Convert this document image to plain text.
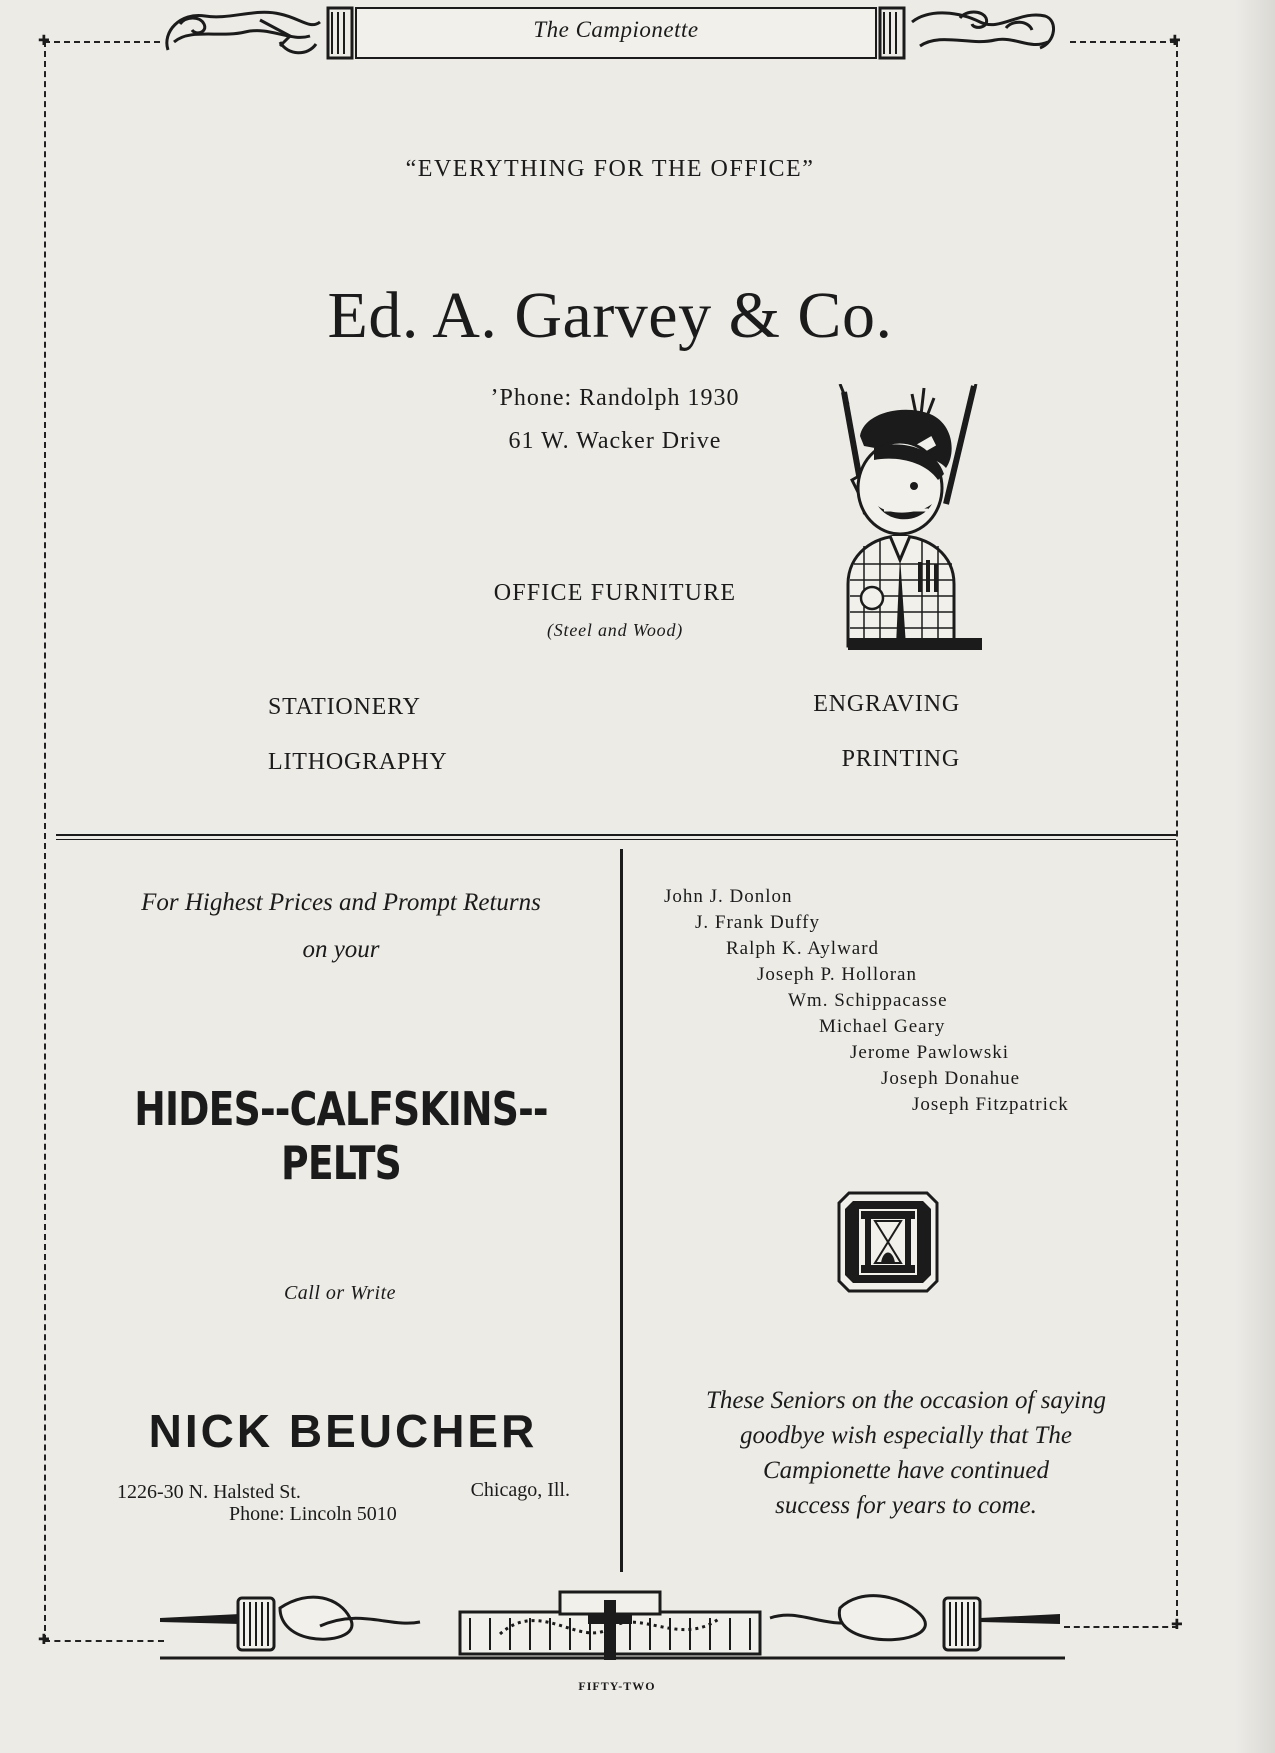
✚	✚
✚
✚
The Campionette
“EVERYTHING FOR THE OFFICE”
Ed. A. Garvey & Co.
’Phone: Randolph 1930
61 W. Wacker Drive
OFFICE FURNITURE
(Steel and Wood)
STATIONERY
LITHOGRAPHY
ENGRAVING
PRINTING
For Highest Prices and Prompt Returns
on your
HIDES--CALFSKINS--PELTS
Call or Write
NICK BEUCHER
1226-30 N. Halsted St.	Chicago, Ill.
Phone: Lincoln 5010
John J. Donlon
J. Frank Duffy
Ralph K. Aylward
Joseph P. Holloran
Wm. Schippacasse
Michael Geary
Jerome Pawlowski
Joseph Donahue
Joseph Fitzpatrick
These Seniors on the occasion of saying
goodbye wish especially that The
Campionette have continued
success for years to come.
FIFTY-TWO
